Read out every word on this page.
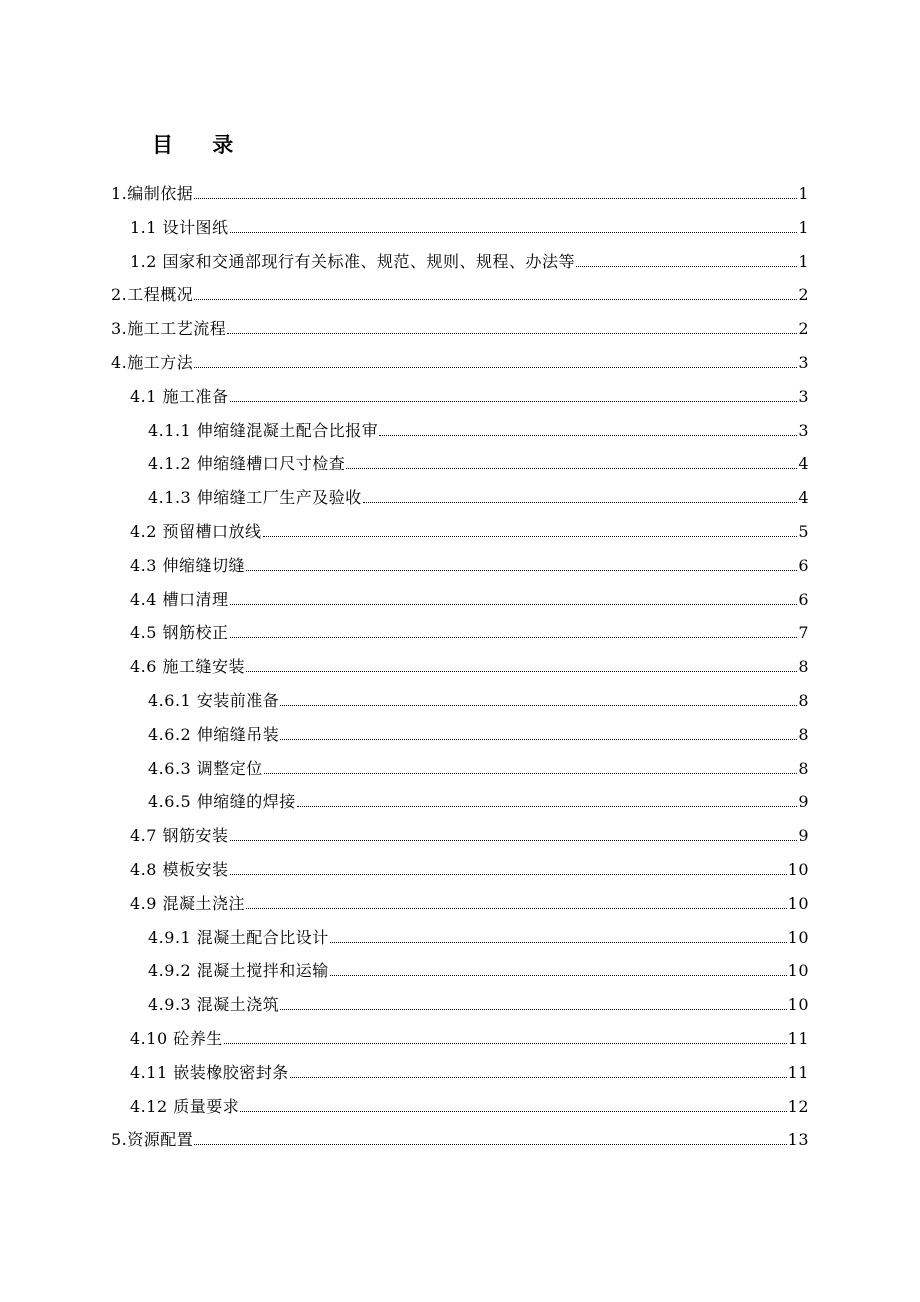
目 录
1.编制依据	1
1.1 设计图纸	1
1.2 国家和交通部现行有关标准、规范、规则、规程、办法等	1
2.工程概况	2
3.施工工艺流程	2
4.施工方法	3
4.1 施工准备	3
4.1.1 伸缩缝混凝土配合比报审	3
4.1.2 伸缩缝槽口尺寸检查	4
4.1.3 伸缩缝工厂生产及验收	4
4.2 预留槽口放线	5
4.3 伸缩缝切缝	6
4.4 槽口清理	6
4.5 钢筋校正	7
4.6 施工缝安装	8
4.6.1 安装前准备	8
4.6.2 伸缩缝吊装	8
4.6.3 调整定位	8
4.6.5 伸缩缝的焊接	9
4.7 钢筋安装	9
4.8 模板安装	10
4.9 混凝土浇注	10
4.9.1 混凝土配合比设计	10
4.9.2 混凝土搅拌和运输	10
4.9.3 混凝土浇筑	10
4.10 砼养生	11
4.11 嵌装橡胶密封条	11
4.12 质量要求	12
5.资源配置	13
